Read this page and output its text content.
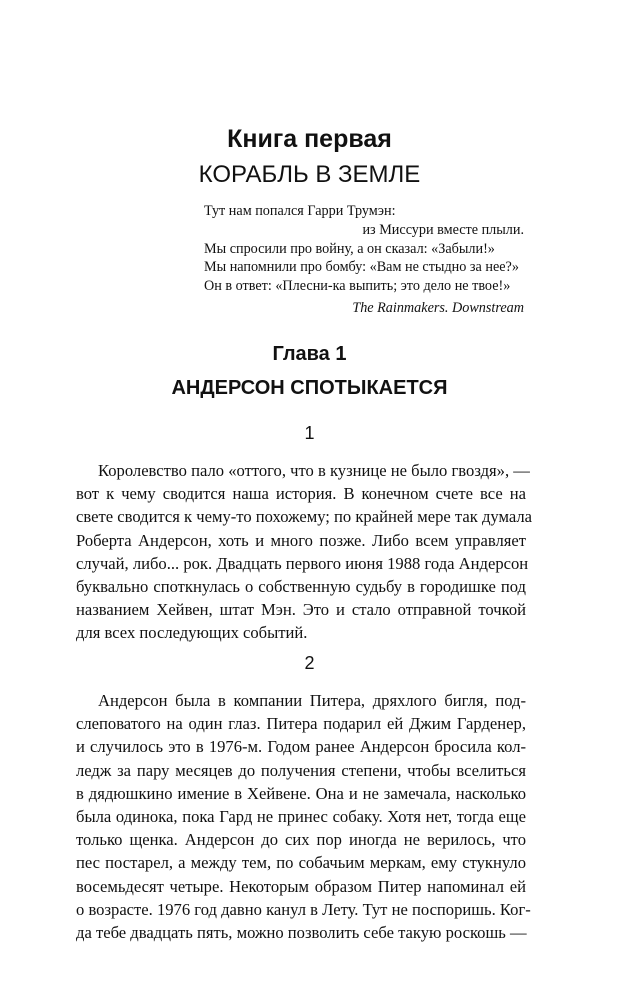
Книга первая
КОРАБЛЬ В ЗЕМЛЕ
Тут нам попался Гарри Трумэн:
из Миссури вместе плыли.
Мы спросили про войну, а он сказал: «Забыли!»
Мы напомнили про бомбу: «Вам не стыдно за нее?»
Он в ответ: «Плесни-ка выпить; это дело не твое!»
The Rainmakers. Downstream
Глава 1
АНДЕРСОН СПОТЫКАЕТСЯ
1
Королевство пало «оттого, что в кузнице не было гвоздя», —
вот к чему сводится наша история. В конечном счете все на
свете сводится к чему-то похожему; по крайней мере так думала
Роберта Андерсон, хоть и много позже. Либо всем управляет
случай, либо... рок. Двадцать первого июня 1988 года Андерсон
буквально споткнулась о собственную судьбу в городишке под
названием Хейвен, штат Мэн. Это и стало отправной точкой
для всех последующих событий.
2
Андерсон была в компании Питера, дряхлого бигля, под-
слеповатого на один глаз. Питера подарил ей Джим Гарденер,
и случилось это в 1976-м. Годом ранее Андерсон бросила кол-
ледж за пару месяцев до получения степени, чтобы вселиться
в дядюшкино имение в Хейвене. Она и не замечала, насколько
была одинока, пока Гард не принес собаку. Хотя нет, тогда еще
только щенка. Андерсон до сих пор иногда не верилось, что
пес постарел, а между тем, по собачьим меркам, ему стукнуло
восемьдесят четыре. Некоторым образом Питер напоминал ей
о возрасте. 1976 год давно канул в Лету. Тут не поспоришь. Ког-
да тебе двадцать пять, можно позволить себе такую роскошь —
